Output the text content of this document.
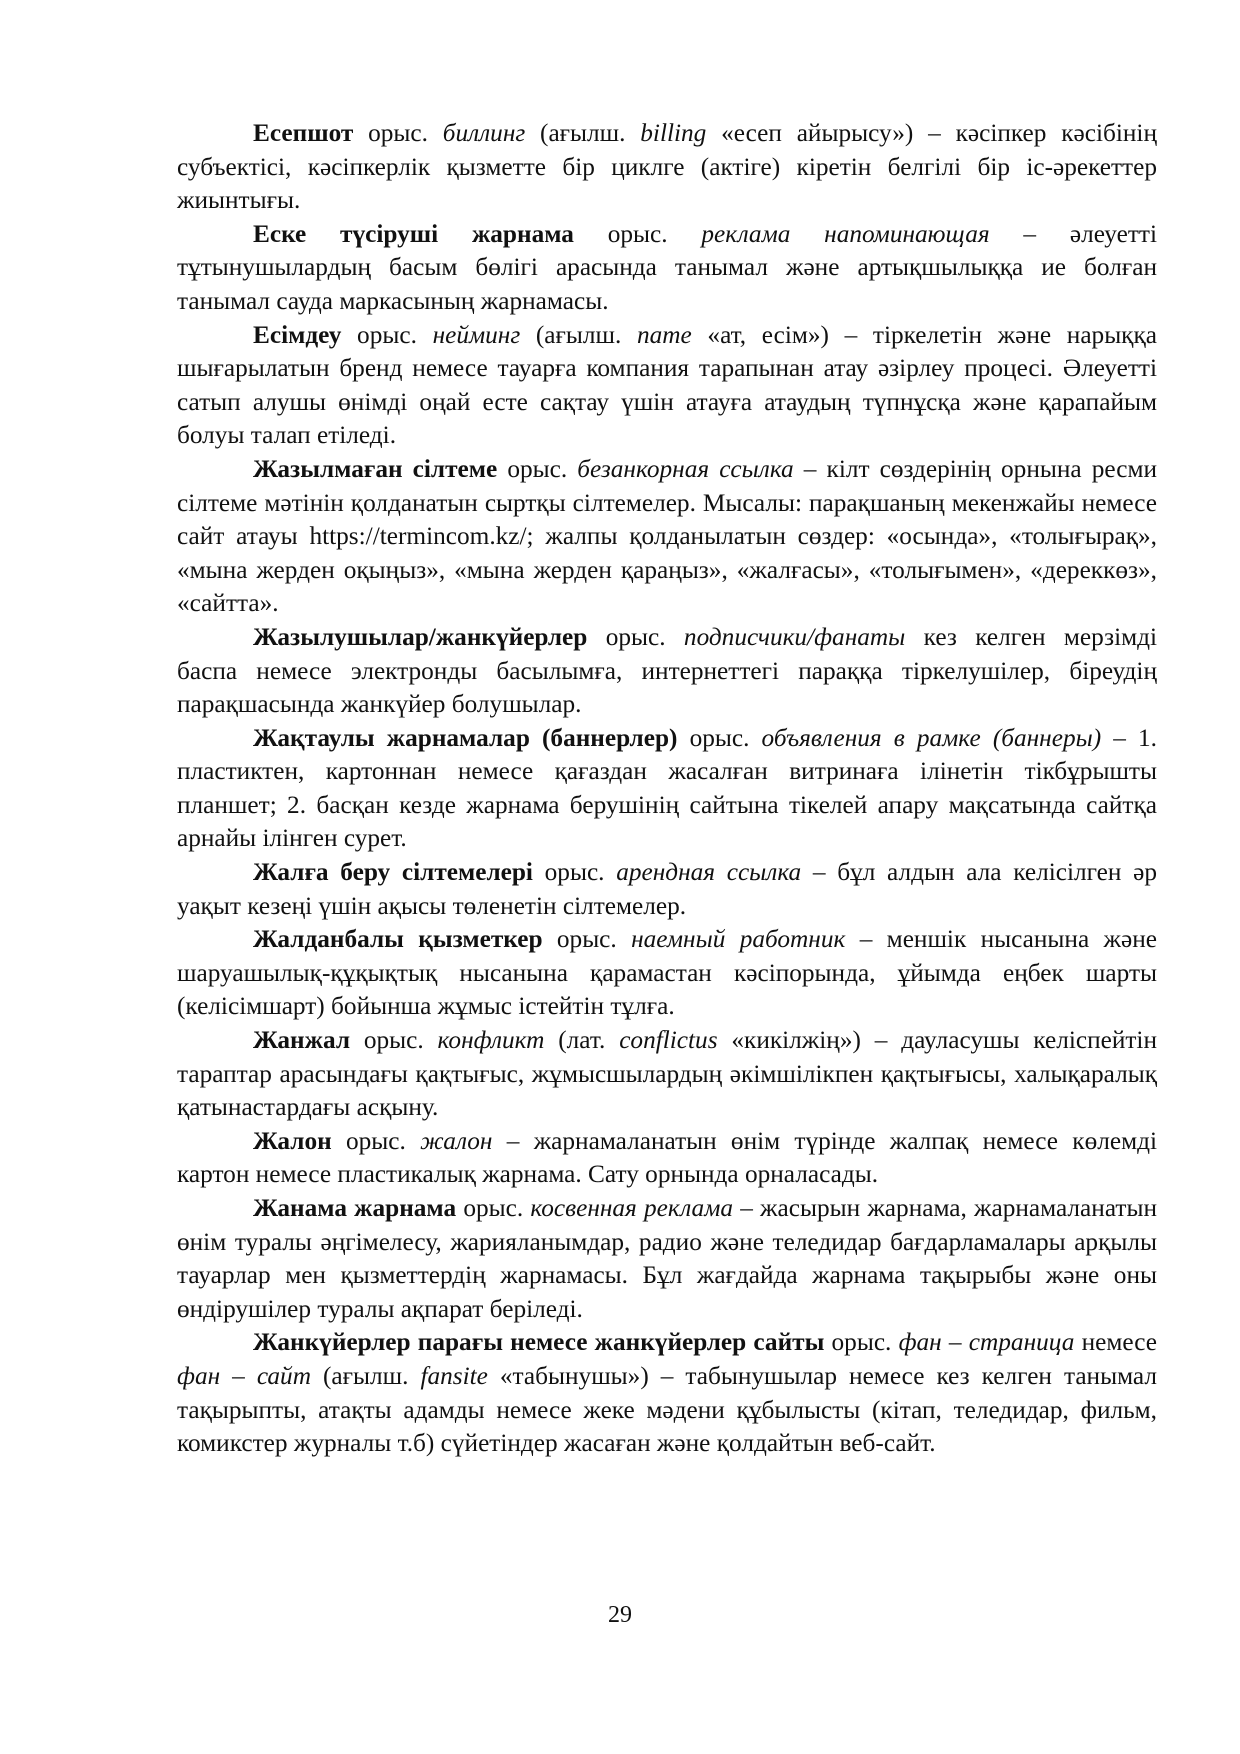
Есепшот орыс. биллинг (ағылш. billing «есеп айырысу») – кәсіпкер кәсібінің субъектісі, кәсіпкерлік қызметте бір циклге (актіге) кіретін белгілі бір іс-әрекеттер жиынтығы.

Еске түсіруші жарнама орыс. реклама напоминающая – әлеуетті тұтынушылардың басым бөлігі арасында танымал және артықшылыққа ие болған танымал сауда маркасының жарнамасы.

Есімдеу орыс. нейминг (ағылш. name «ат, есім») – тіркелетін және нарыққа шығарылатын бренд немесе тауарға компания тарапынан атау әзірлеу процесі. Әлеуетті сатып алушы өнімді оңай есте сақтау үшін атауға атаудың түпнұсқа және қарапайым болуы талап етіледі.

Жазылмаған сілтеме орыс. безанкорная ссылка – кілт сөздерінің орнына ресми сілтеме мәтінін қолданатын сыртқы сілтемелер. Мысалы: парақшаның мекенжайы немесе сайт атауы https://termincom.kz/; жалпы қолданылатын сөздер: «осында», «толығырақ», «мына жерден оқыңыз», «мына жерден қараңыз», «жалғасы», «толығымен», «дереккөз», «сайтта».

Жазылушылар/жанкүйерлер орыс. подписчики/фанаты кез келген мерзімді баспа немесе электронды басылымға, интернеттегі параққа тіркелушілер, біреудің парақшасында жанкүйер болушылар.

Жақтаулы жарнамалар (баннерлер) орыс. объявления в рамке (баннеры) – 1. пластиктен, картоннан немесе қағаздан жасалған витринаға ілінетін тікбұрышты планшет; 2. басқан кезде жарнама берушінің сайтына тікелей апару мақсатында сайтқа арнайы ілінген сурет.

Жалға беру сілтемелері орыс. арендная ссылка – бұл алдын ала келісілген әр уақыт кезеңі үшін ақысы төленетін сілтемелер.

Жалданбалы қызметкер орыс. наемный работник – меншік нысанына және шаруашылық-құқықтық нысанына қарамастан кәсіпорында, ұйымда еңбек шарты (келісімшарт) бойынша жұмыс істейтін тұлға.

Жанжал орыс. конфликт (лат. conflictus «кикілжің») – дауласушы келіспейтін тараптар арасындағы қақтығыс, жұмысшылардың әкімшілікпен қақтығысы, халықаралық қатынастардағы асқыну.

Жалон орыс. жалон – жарнамаланатын өнім түрінде жалпақ немесе көлемді картон немесе пластикалық жарнама. Сату орнында орналасады.

Жанама жарнама орыс. косвенная реклама – жасырын жарнама, жарнамаланатын өнім туралы әңгімелесу, жарияланымдар, радио және теледидар бағдарламалары арқылы тауарлар мен қызметтердің жарнамасы. Бұл жағдайда жарнама тақырыбы және оны өндірушілер туралы ақпарат беріледі.

Жанкүйерлер парағы немесе жанкүйерлер сайты орыс. фан – страница немесе фан – сайт (ағылш. fansite «табынушы») – табынушылар немесе кез келген танымал тақырыпты, атақты адамды немесе жеке мәдени құбылысты (кітап, теледидар, фильм, комикстер журналы т.б) сүйетіндер жасаған және қолдайтын веб-сайт.

29
